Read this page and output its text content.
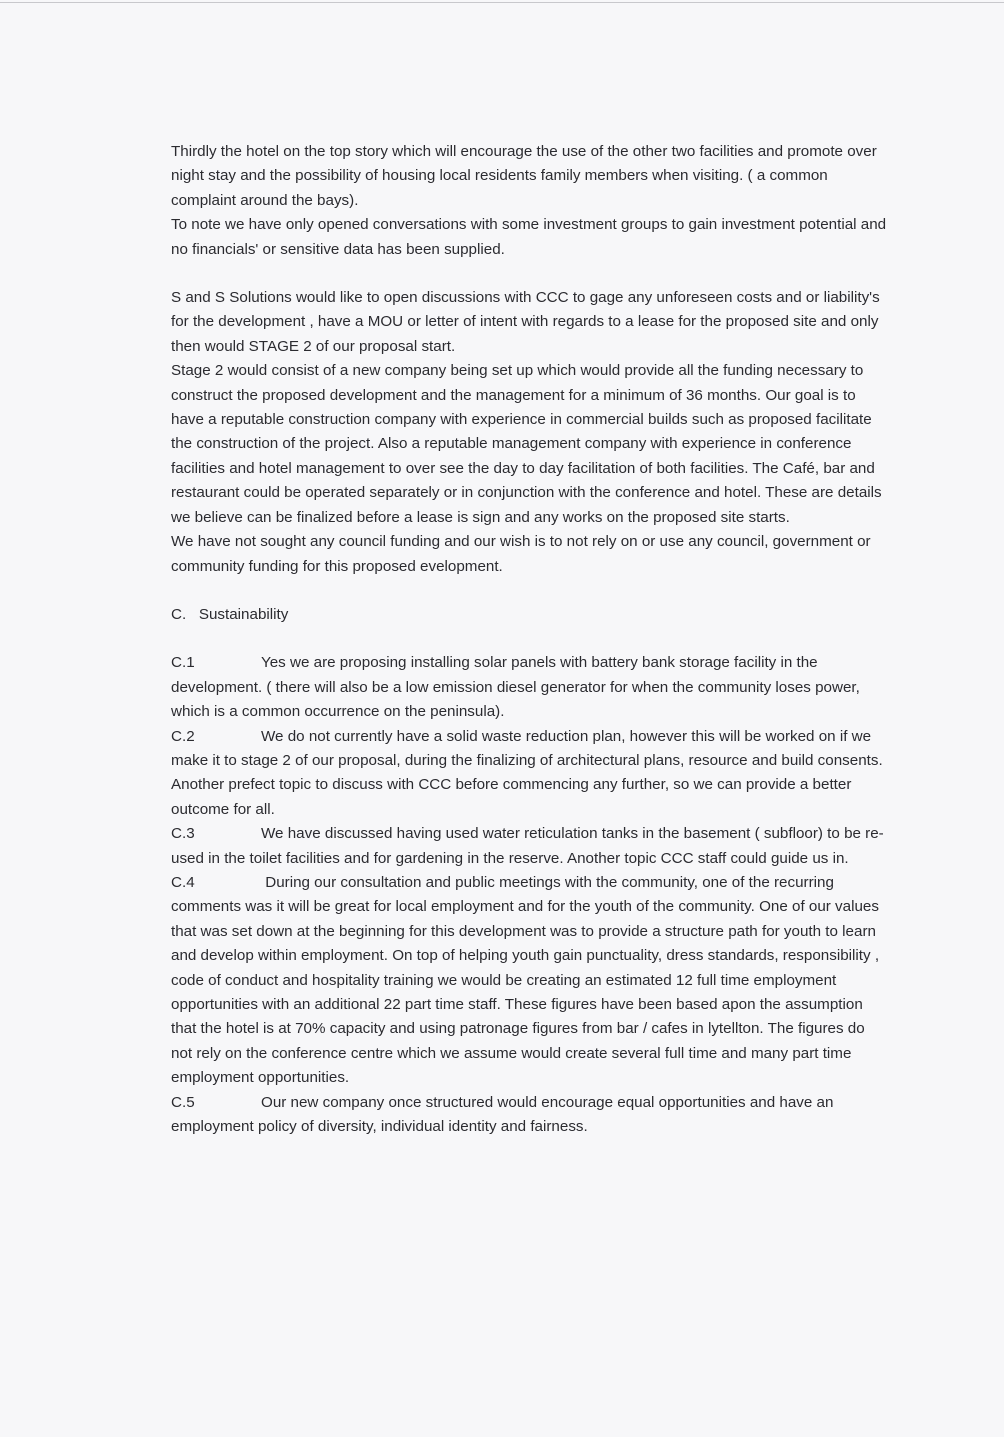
Thirdly the hotel on the top story which will encourage the use of the other two facilities and promote over night stay and the possibility of housing local residents family members when visiting. ( a common complaint around the bays).

To note we have only opened conversations with some investment groups to gain investment potential and no financials' or sensitive data has been supplied.

S and S Solutions would like to open discussions with CCC to gage any unforeseen costs and or liability's for the development , have a MOU or letter of intent with regards to a lease for the proposed site and only then would STAGE 2 of our proposal start.

Stage 2 would consist of a new company being set up which would provide all the funding necessary to construct the proposed development and the management for a minimum of 36 months. Our goal is to have a reputable construction company with experience in commercial builds such as proposed facilitate the construction of the project. Also a reputable management company with experience in conference facilities and hotel management to over see the day to day facilitation of both facilities. The Café, bar and restaurant could be operated separately or in conjunction with the conference and hotel. These are details we believe can be finalized before a lease is sign and any works on the proposed site starts.

We have not sought any council funding and our wish is to not rely on or use any council, government or community funding for this proposed evelopment.

C.   Sustainability

C.1	Yes we are proposing installing solar panels with battery bank storage facility in the development. ( there will also be a low emission diesel generator for when the community loses power, which is a common occurrence on the peninsula).

C.2	We do not currently have a solid waste reduction plan, however this will be worked on if we make it to stage 2 of our proposal, during the finalizing of architectural plans, resource and build consents. Another prefect topic to discuss with CCC before commencing any further, so we can provide a better outcome for all.

C.3	We have discussed having used water reticulation tanks in the basement ( subfloor) to be re-used in the toilet facilities and for gardening in the reserve. Another topic CCC staff could guide us in.

C.4	During our consultation and public meetings with the community, one of the recurring comments was it will be great for local employment and for the youth of the community. One of our values that was set down at the beginning for this development was to provide a structure path for youth to learn and develop within employment. On top of helping youth gain punctuality, dress standards, responsibility , code of conduct and hospitality training we would be creating an estimated 12 full time employment opportunities with an additional 22 part time staff. These figures have been based apon the assumption that the hotel is at 70% capacity and using patronage figures from bar / cafes in lytellton. The figures do not rely on the conference centre which we assume would create several full time and many part time employment opportunities.

C.5	Our new company once structured would encourage equal opportunities and have an employment policy of diversity, individual identity and fairness.
